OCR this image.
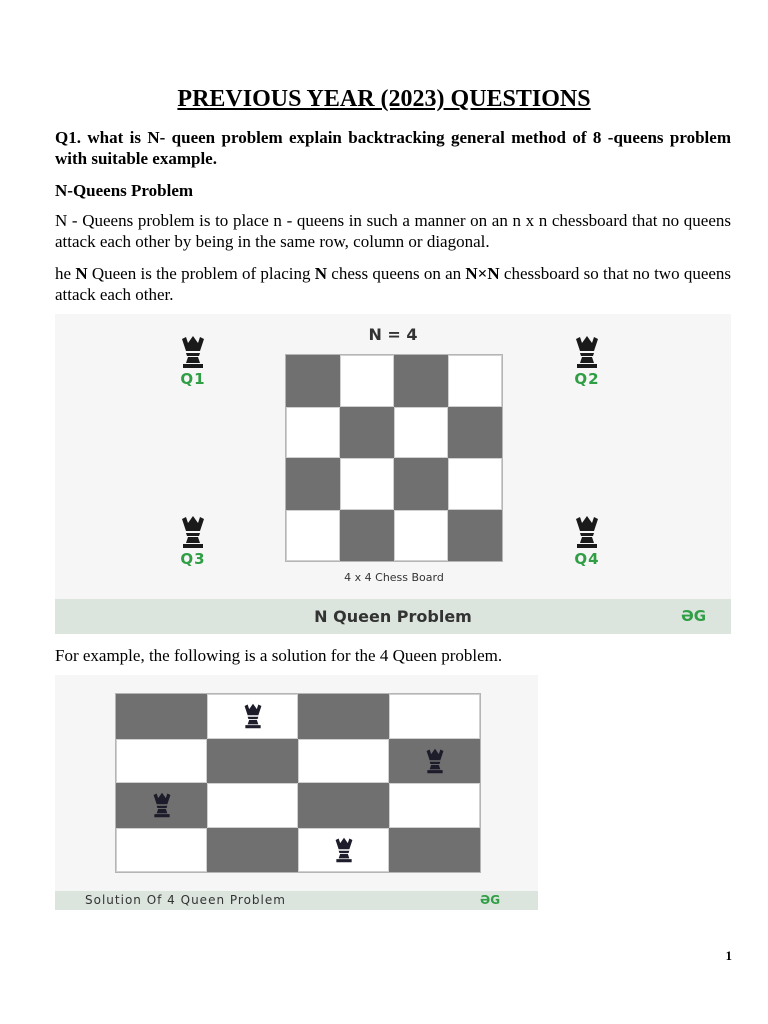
PREVIOUS YEAR (2023) QUESTIONS

Q1. what is N- queen problem explain backtracking general method of 8 -queens problem with suitable example.

N-Queens Problem

N - Queens problem is to place n - queens in such a manner on an n x n chessboard that no queens attack each other by being in the same row, column or diagonal.

he N Queen is the problem of placing N chess queens on an N×N chessboard so that no two queens attack each other.

N = 4
Q1	Q2
Q3	Q4
4 x 4 Chess Board
N Queen Problem	ƏG

For example, the following is a solution for the 4 Queen problem.

Solution Of 4 Queen Problem	ƏG
1
